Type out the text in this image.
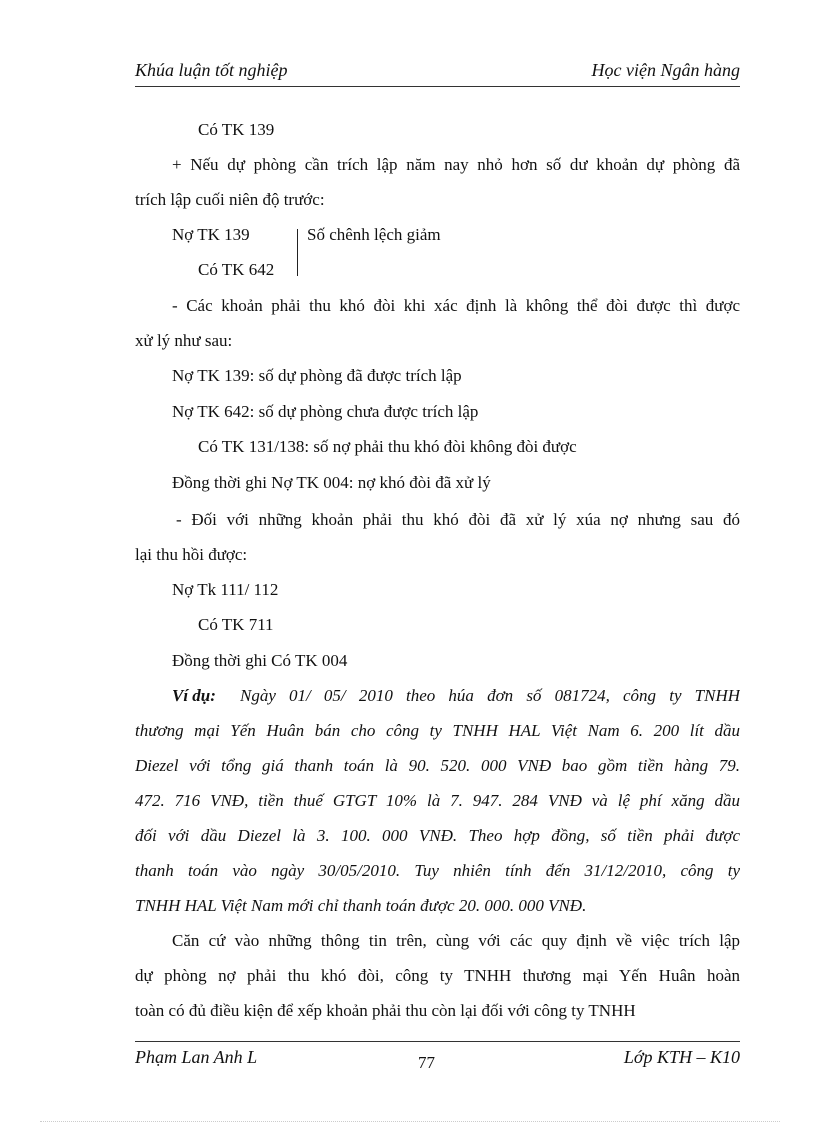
Khúa luận tốt nghiệp	Học viện Ngân hàng
Có TK 139
+ Nếu dự phòng cần trích lập năm nay nhỏ hơn số dư khoản dự phòng đã
trích lập cuối niên độ trước:
Nợ TK 139	Số chênh lệch giảm
Có TK 642
- Các khoản phải thu khó đòi khi xác định là không thể đòi được thì được
xử lý như sau:
Nợ TK 139: số dự phòng đã được trích lập
Nợ TK 642: số dự phòng chưa được trích lập
Có TK 131/138: số nợ phải thu khó đòi không đòi được
Đồng thời ghi Nợ TK 004: nợ khó đòi đã xử lý
- Đối với những khoản phải thu khó đòi đã xử lý xúa nợ nhưng sau đó
lại thu hồi được:
Nợ Tk 111/ 112
Có TK 711
Đồng thời ghi Có TK 004
Ví dụ: Ngày 01/ 05/ 2010 theo húa đơn số 081724, công ty TNHH
thương mại Yến Huân bán cho công ty TNHH HAL Việt Nam 6. 200 lít dầu
Diezel với tổng giá thanh toán là 90. 520. 000 VNĐ bao gồm tiền hàng 79.
472. 716 VNĐ, tiền thuế GTGT 10% là 7. 947. 284 VNĐ và lệ phí xăng dầu
đối với dầu Diezel là 3. 100. 000 VNĐ. Theo hợp đồng, số tiền phải được
thanh toán vào ngày 30/05/2010. Tuy nhiên tính đến 31/12/2010, công ty
TNHH HAL Việt Nam mới chỉ thanh toán được 20. 000. 000 VNĐ.
Căn cứ vào những thông tin trên, cùng với các quy định về việc trích lập
dự phòng nợ phải thu khó đòi, công ty TNHH thương mại Yến Huân hoàn
toàn có đủ điều kiện để xếp khoản phải thu còn lại đối với công ty TNHH
Phạm Lan Anh L	77	Lớp KTH – K10
